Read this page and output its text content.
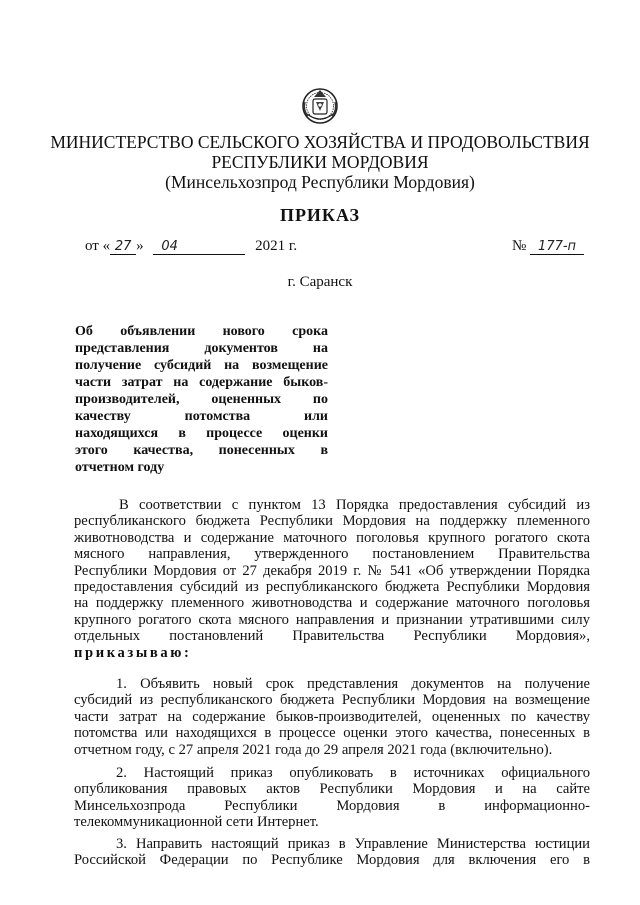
МИНИСТЕРСТВО СЕЛЬСКОГО ХОЗЯЙСТВА И ПРОДОВОЛЬСТВИЯ
РЕСПУБЛИКИ МОРДОВИЯ
(Минсельхозпрод Республики Мордовия)
ПРИКАЗ
от « 27 » 04	2021 г.	№ 177-п
г. Саранск
Об объявлении нового срока
представления документов на
получение субсидий на возмещение
части затрат на содержание быков-
производителей, оцененных по
качеству потомства или
находящихся в процессе оценки
этого качества, понесенных в
отчетном году
В соответствии с пунктом 13 Порядка предоставления субсидий из
республиканского бюджета Республики Мордовия на поддержку племенного
животноводства и содержание маточного поголовья крупного рогатого скота
мясного направления, утвержденного постановлением Правительства
Республики Мордовия от 27 декабря 2019 г. № 541 «Об утверждении Порядка
предоставления субсидий из республиканского бюджета Республики Мордовия
на поддержку племенного животноводства и содержание маточного поголовья
крупного рогатого скота мясного направления и признании утратившими силу
отдельных постановлений Правительства Республики Мордовия»,
приказываю:
1. Объявить новый срок представления документов на получение
субсидий из республиканского бюджета Республики Мордовия на возмещение
части затрат на содержание быков-производителей, оцененных по качеству
потомства или находящихся в процессе оценки этого качества, понесенных в
отчетном году, с 27 апреля 2021 года до 29 апреля 2021 года (включительно).
2. Настоящий приказ опубликовать в источниках официального
опубликования правовых актов Республики Мордовия и на сайте
Минсельхозпрода Республики Мордовия в информационно-
телекоммуникационной сети Интернет.
3. Направить настоящий приказ в Управление Министерства юстиции
Российской Федерации по Республике Мордовия для включения его в
